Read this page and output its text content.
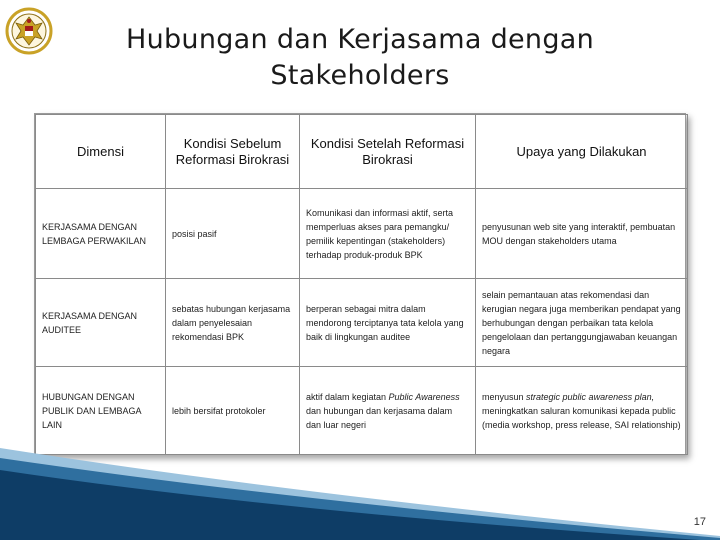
Hubungan dan Kerjasama dengan
Stakeholders
Dimensi	Kondisi Sebelum Reformasi Birokrasi	Kondisi Setelah Reformasi Birokrasi	Upaya yang Dilakukan
KERJASAMA DENGAN LEMBAGA PERWAKILAN	posisi pasif	Komunikasi dan informasi aktif, serta memperluas akses para pemangku/ pemilik kepentingan (stakeholders) terhadap produk-produk BPK	penyusunan web site yang interaktif, pembuatan MOU dengan stakeholders utama
KERJASAMA DENGAN AUDITEE	sebatas hubungan kerjasama dalam penyelesaian rekomendasi BPK	berperan sebagai mitra dalam mendorong terciptanya tata kelola yang baik di lingkungan auditee	selain pemantauan atas rekomendasi dan kerugian negara juga memberikan pendapat yang berhubungan dengan perbaikan tata kelola pengelolaan dan pertanggungjawaban keuangan negara
HUBUNGAN DENGAN PUBLIK DAN LEMBAGA LAIN	lebih bersifat protokoler	aktif dalam kegiatan Public Awareness dan hubungan dan kerjasama dalam dan luar negeri	menyusun strategic public awareness plan, meningkatkan saluran komunikasi kepada public (media workshop, press release, SAI relationship)
17
